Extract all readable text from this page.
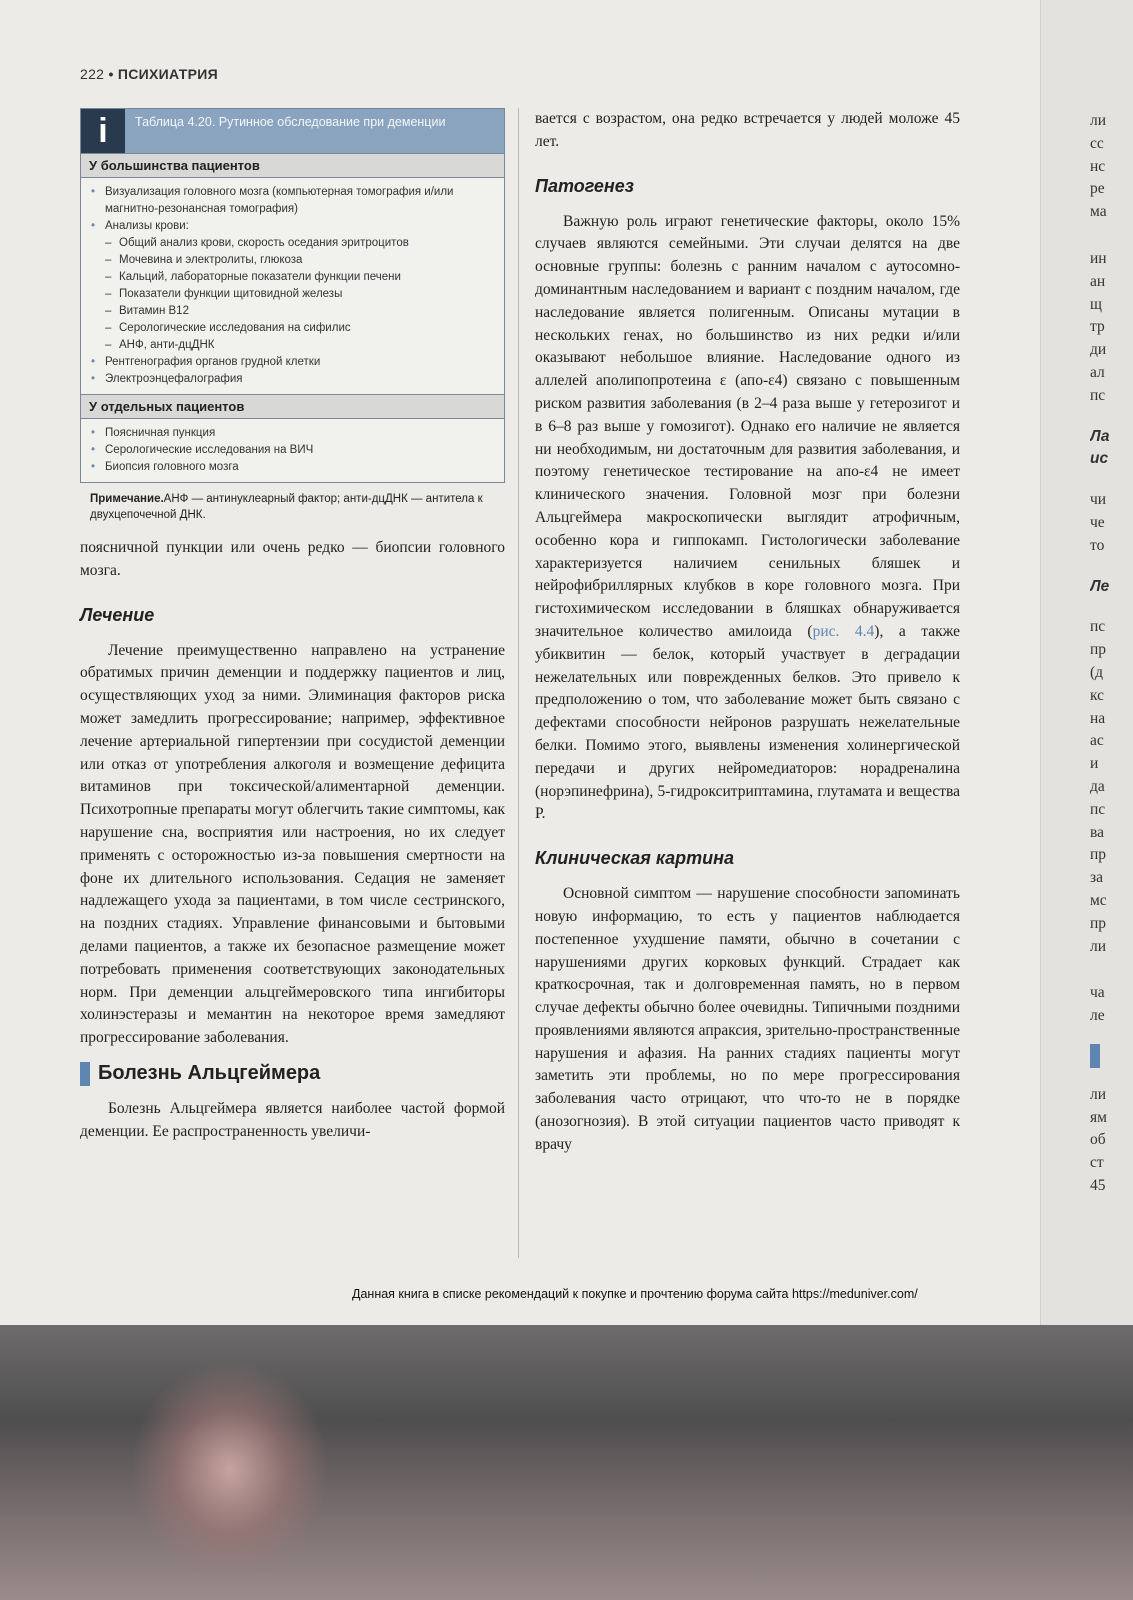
222 • ПСИХИАТРИЯ
i	Таблица 4.20. Рутинное обследование при деменции
У большинства пациентов
• Визуализация головного мозга (компьютерная томография и/или магнитно-резонансная томография)
• Анализы крови:
– Общий анализ крови, скорость оседания эритроцитов
– Мочевина и электролиты, глюкоза
– Кальций, лабораторные показатели функции печени
– Показатели функции щитовидной железы
– Витамин B12
– Серологические исследования на сифилис
– АНФ, анти-дцДНК
• Рентгенография органов грудной клетки
• Электроэнцефалография
У отдельных пациентов
• Поясничная пункция
• Серологические исследования на ВИЧ
• Биопсия головного мозга
Примечание.АНФ — антинуклеарный фактор; анти-дцДНК — антитела к двухцепочечной ДНК.

поясничной пункции или очень редко — биопсии головного мозга.

Лечение

Лечение преимущественно направлено на устранение обратимых причин деменции и поддержку пациентов и лиц, осуществляющих уход за ними. Элиминация факторов риска может замедлить прогрессирование; например, эффективное лечение артериальной гипертензии при сосудистой деменции или отказ от употребления алкоголя и возмещение дефицита витаминов при токсической/алиментарной деменции. Психотропные препараты могут облегчить такие симптомы, как нарушение сна, восприятия или настроения, но их следует применять с осторожностью из-за повышения смертности на фоне их длительного использования. Седация не заменяет надлежащего ухода за пациентами, в том числе сестринского, на поздних стадиях. Управление финансовыми и бытовыми делами пациентов, а также их безопасное размещение может потребовать применения соответствующих законодательных норм. При деменции альцгеймеровского типа ингибиторы холинэстеразы и мемантин на некоторое время замедляют прогрессирование заболевания.

Болезнь Альцгеймера

Болезнь Альцгеймера является наиболее частой формой деменции. Ее распространенность увеличи-

вается с возрастом, она редко встречается у людей моложе 45 лет.

Патогенез

Важную роль играют генетические факторы, около 15% случаев являются семейными. Эти случаи делятся на две основные группы: болезнь с ранним началом с аутосомно-доминантным наследованием и вариант с поздним началом, где наследование является полигенным. Описаны мутации в нескольких генах, но большинство из них редки и/или оказывают небольшое влияние. Наследование одного из аллелей аполипопротеина ε (апо-ε4) связано с повышенным риском развития заболевания (в 2–4 раза выше у гетерозигот и в 6–8 раз выше у гомозигот). Однако его наличие не является ни необходимым, ни достаточным для развития заболевания, и поэтому генетическое тестирование на апо-ε4 не имеет клинического значения. Головной мозг при болезни Альцгеймера макроскопически выглядит атрофичным, особенно кора и гиппокамп. Гистологически заболевание характеризуется наличием сенильных бляшек и нейрофибриллярных клубков в коре головного мозга. При гистохимическом исследовании в бляшках обнаруживается значительное количество амилоида (рис. 4.4), а также убиквитин — белок, который участвует в деградации нежелательных или поврежденных белков. Это привело к предположению о том, что заболевание может быть связано с дефектами способности нейронов разрушать нежелательные белки. Помимо этого, выявлены изменения холинергической передачи и других нейромедиаторов: норадреналина (норэпинефрина), 5-гидрокситриптамина, глутамата и вещества Р.

Клиническая картина

Основной симптом — нарушение способности запоминать новую информацию, то есть у пациентов наблюдается постепенное ухудшение памяти, обычно в сочетании с нарушениями других корковых функций. Страдает как краткосрочная, так и долговременная память, но в первом случае дефекты обычно более очевидны. Типичными поздними проявлениями являются апраксия, зрительно-пространственные нарушения и афазия. На ранних стадиях пациенты могут заметить эти проблемы, но по мере прогрессирования заболевания часто отрицают, что что-то не в порядке (анозогнозия). В этой ситуации пациентов часто приводят к врачу

ли

сс

нс

ре

ма

ин

ан

щ

тр

ди

ал

пс

Ла

ис

чи

че

то

Ле

пс

пр

(д

кс

на

ас

и

да

пс

ва

пр

за

мс

пр

ли

ча

ле

ли

ям

об

ст

45

Данная книга в списке рекомендаций к покупке и прочтению форума сайта https://meduniver.com/
